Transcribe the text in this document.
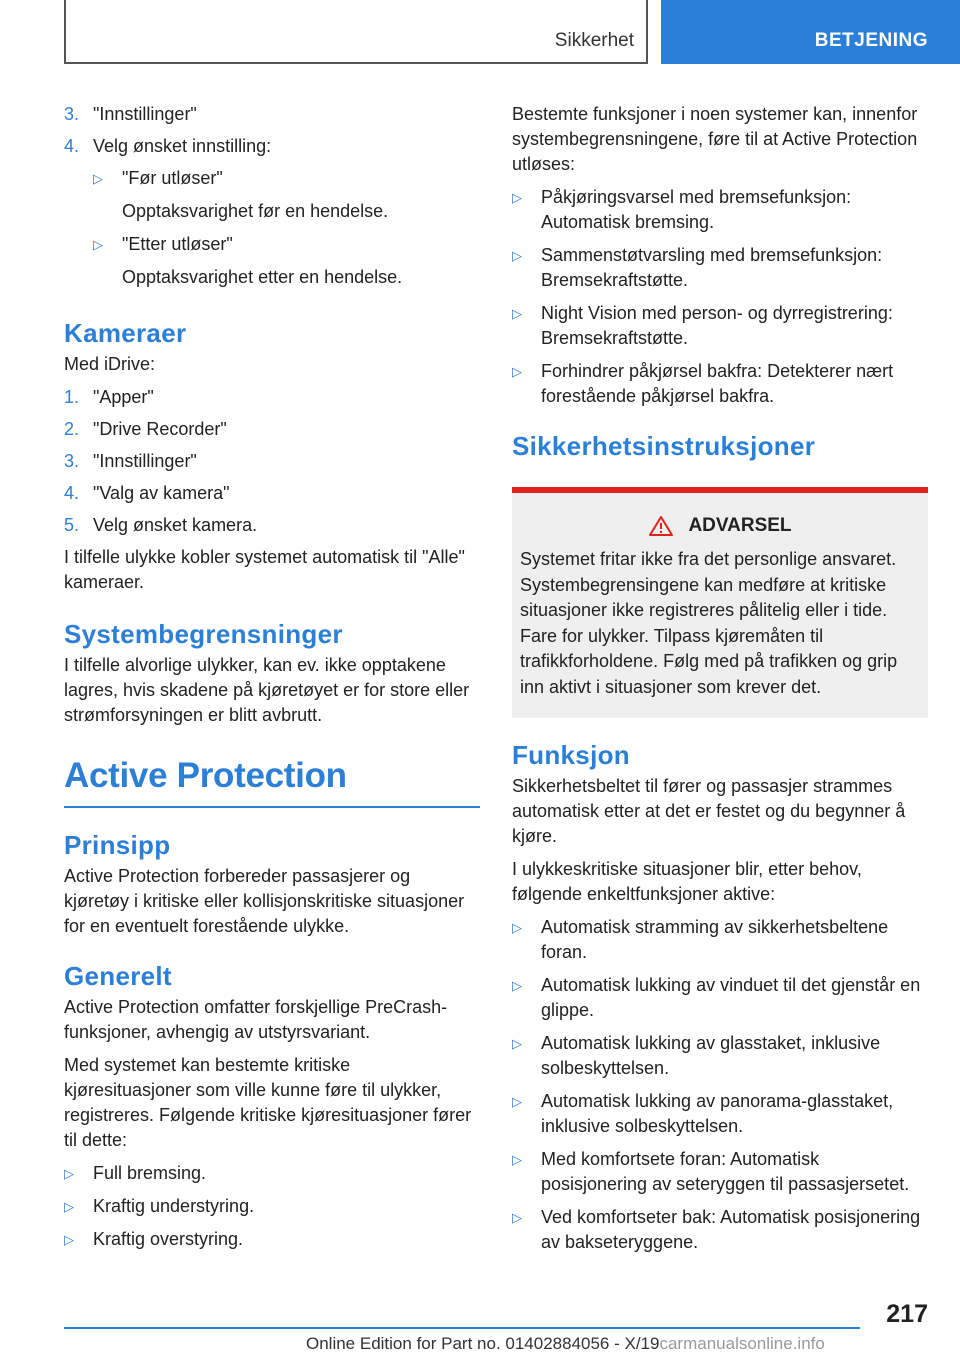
Sikkerhet	BETJENING
3. "Innstillinger"
4. Velg ønsket innstilling:
▷	"Før utløser"
Opptaksvarighet før en hendelse.
▷	"Etter utløser"
Opptaksvarighet etter en hendelse.
Kameraer

Med iDrive:

1. "Apper"
2. "Drive Recorder"
3. "Innstillinger"
4. "Valg av kamera"
5. Velg ønsket kamera.

I tilfelle ulykke kobler systemet automatisk til "Alle" kameraer.

Systembegrensninger

I tilfelle alvorlige ulykker, kan ev. ikke opptakene lagres, hvis skadene på kjøretøyet er for store eller strømforsyningen er blitt avbrutt.

Active Protection
Prinsipp

Active Protection forbereder passasjerer og kjøretøy i kritiske eller kollisjonskritiske situasjoner for en eventuelt forestående ulykke.

Generelt

Active Protection omfatter forskjellige PreCrash-funksjoner, avhengig av utstyrsvariant.

Med systemet kan bestemte kritiske kjøresituasjoner som ville kunne føre til ulykker, registreres. Følgende kritiske kjøresituasjoner fører til dette:

▷	Full bremsing.
▷	Kraftig understyring.
▷	Kraftig overstyring.

Bestemte funksjoner i noen systemer kan, innenfor systembegrensningene, føre til at Active Protection utløses:

▷	Påkjøringsvarsel med bremsefunksjon: Automatisk bremsing.
▷	Sammenstøtvarsling med bremsefunksjon: Bremsekraftstøtte.
▷	Night Vision med person- og dyrregistrering: Bremsekraftstøtte.
▷	Forhindrer påkjørsel bakfra: Detekterer nært forestående påkjørsel bakfra.
Sikkerhetsinstruksjoner
ADVARSEL
Systemet fritar ikke fra det personlige ansvaret. Systembegrensingene kan medføre at kritiske situasjoner ikke registreres pålitelig eller i tide. Fare for ulykker. Tilpass kjøremåten til trafikkforholdene. Følg med på trafikken og grip inn aktivt i situasjoner som krever det.
Funksjon

Sikkerhetsbeltet til fører og passasjer strammes automatisk etter at det er festet og du begynner å kjøre.

I ulykkeskritiske situasjoner blir, etter behov, følgende enkeltfunksjoner aktive:

▷	Automatisk stramming av sikkerhetsbeltene foran.
▷	Automatisk lukking av vinduet til det gjenstår en glippe.
▷	Automatisk lukking av glasstaket, inklusive solbeskyttelsen.
▷	Automatisk lukking av panorama-glasstaket, inklusive solbeskyttelsen.
▷	Med komfortsete foran: Automatisk posisjonering av seteryggen til passasjersetet.
▷	Ved komfortseter bak: Automatisk posisjonering av bakseteryggene.
217
Online Edition for Part no. 01402884056 - X/19carmanualsonline.info
